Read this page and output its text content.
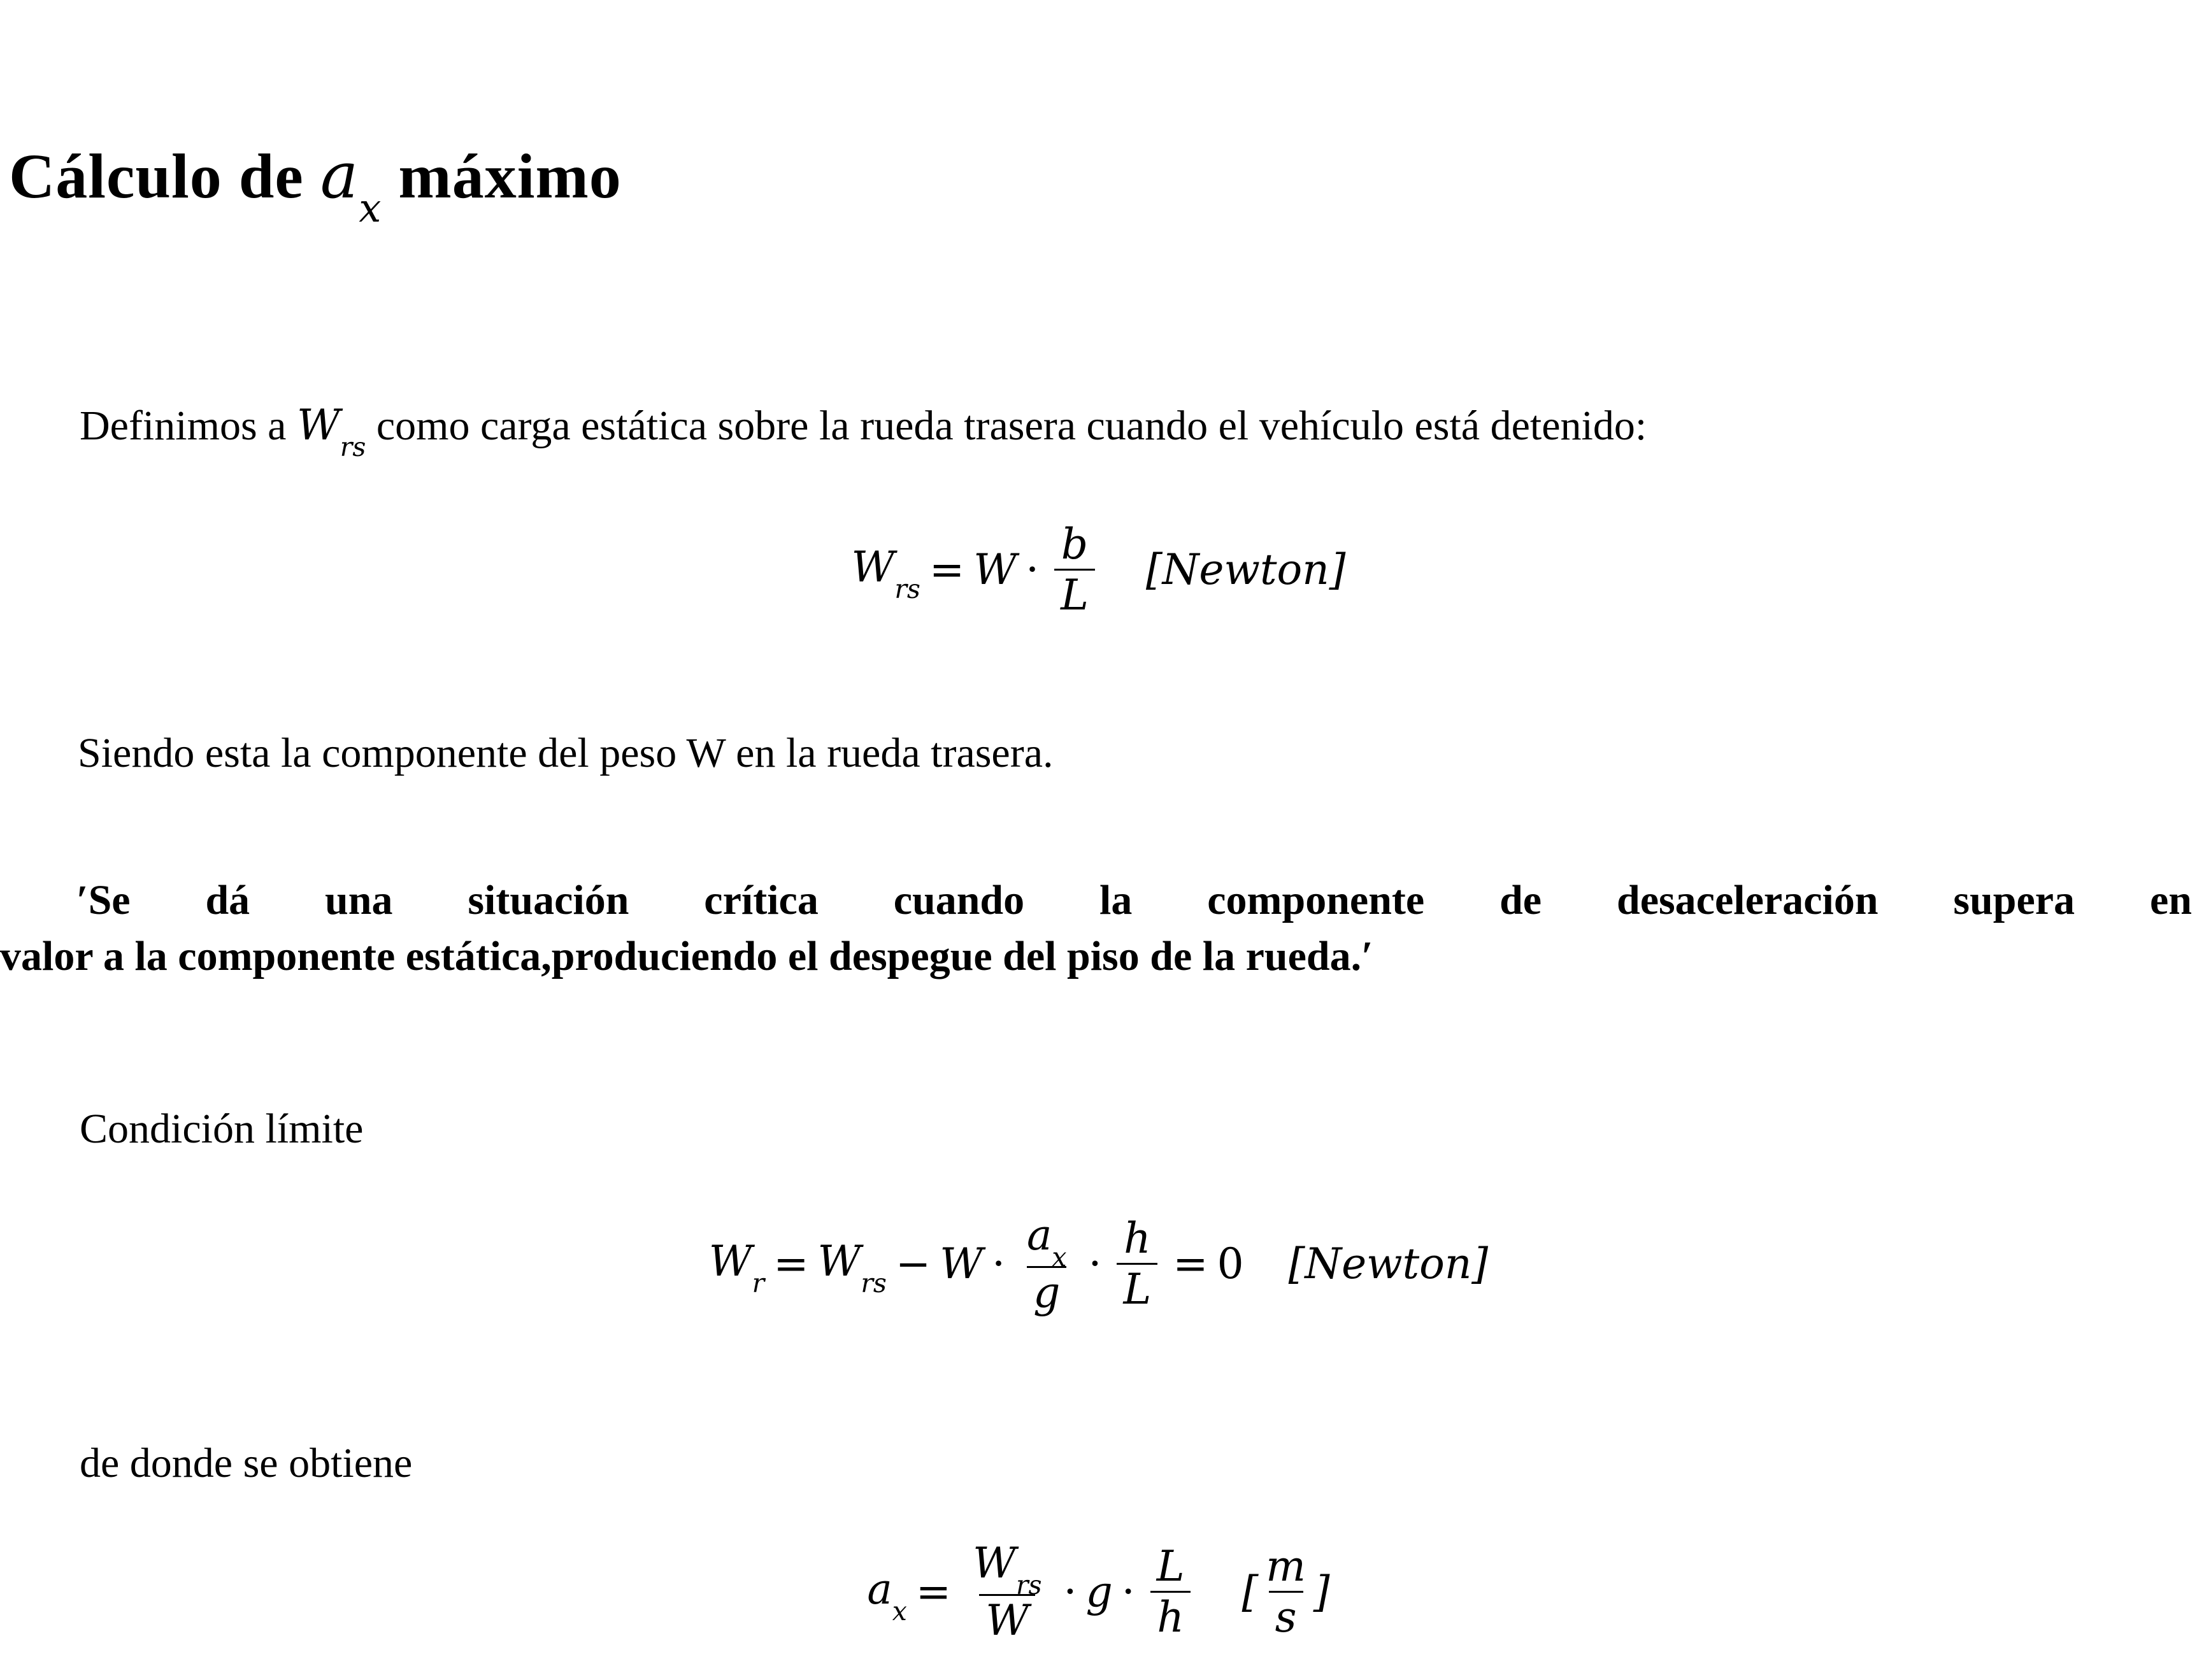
Cálculo de $a_x$ máximo

Definimos a $W_{rs}$ como carga estática sobre la rueda trasera cuando el vehículo está detenido:

$W_{rs} = W \cdot \frac{b}{L}$ [Newton]

Siendo esta la componente del peso W en la rueda trasera.

′Se dá una situación crítica cuando la componente de desaceleración supera en
valor a la componente estática,produciendo el despegue del piso de la rueda.′

Condición límite

$W_r = W_{rs} - W \cdot \frac{a_x}{g} \cdot \frac{h}{L} = 0$ [Newton]

de donde se obtiene

$a_x = \frac{W_{rs}}{W} \cdot g \cdot \frac{L}{h}$ [ $\frac{m}{s}$ ]
